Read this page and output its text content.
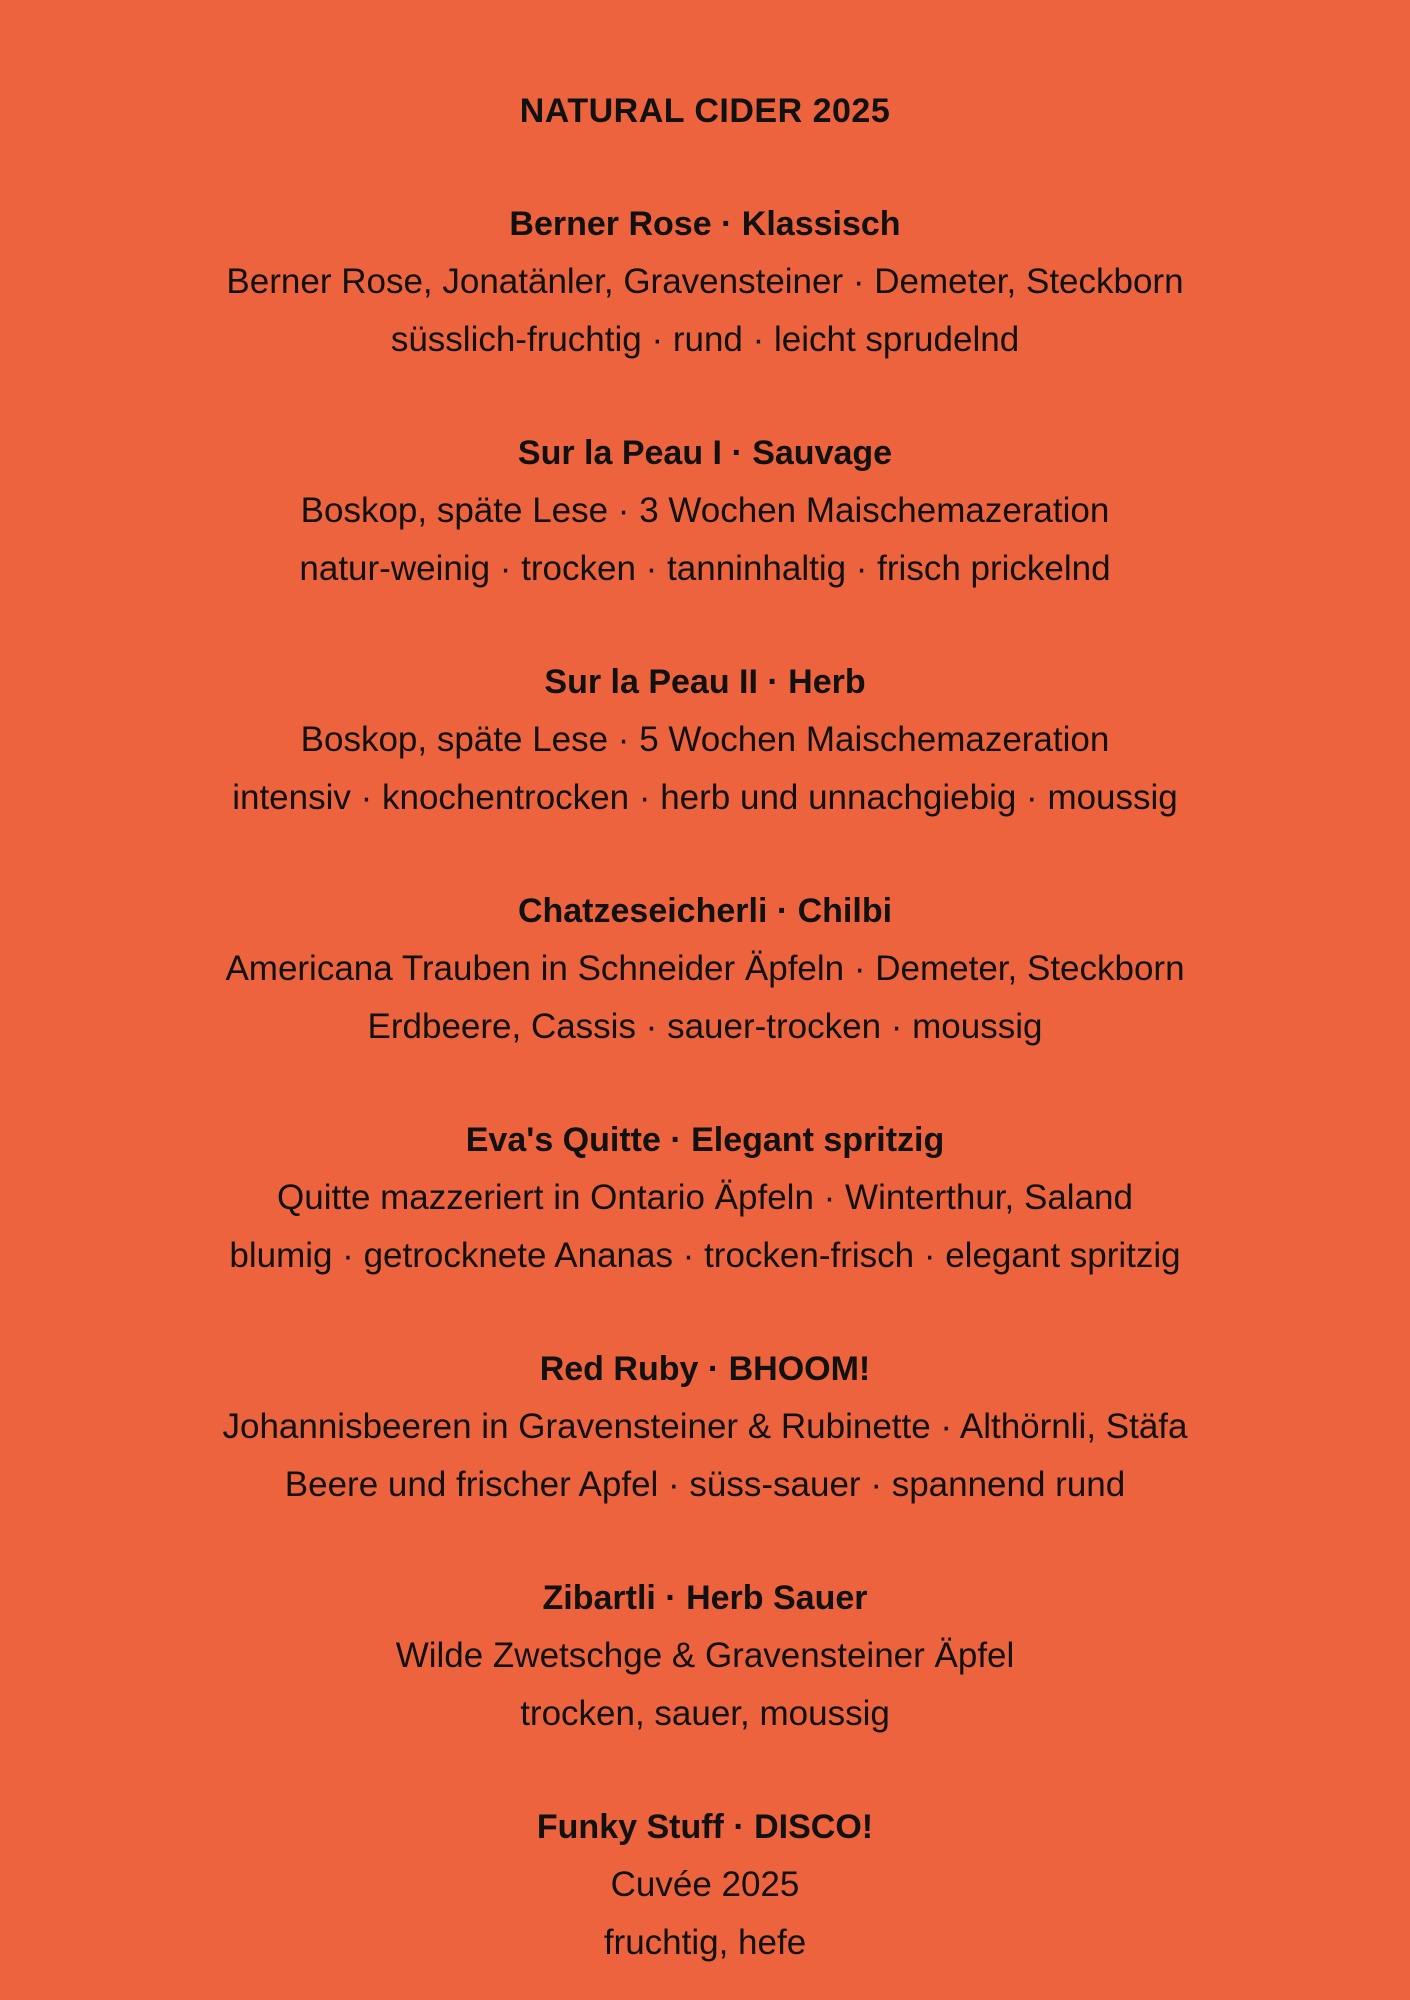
NATURAL CIDER 2025
Berner Rose · Klassisch
Berner Rose, Jonatänler, Gravensteiner · Demeter, Steckborn
süsslich-fruchtig · rund · leicht sprudelnd
Sur la Peau I · Sauvage
Boskop, späte Lese · 3 Wochen Maischemazeration
natur-weinig · trocken · tanninhaltig · frisch prickelnd
Sur la Peau II · Herb
Boskop, späte Lese · 5 Wochen Maischemazeration
intensiv · knochentrocken · herb und unnachgiebig · moussig
Chatzeseicherli · Chilbi
Americana Trauben in Schneider Äpfeln · Demeter, Steckborn
Erdbeere, Cassis · sauer-trocken · moussig
Eva's Quitte · Elegant spritzig
Quitte mazzeriert in Ontario Äpfeln · Winterthur, Saland
blumig · getrocknete Ananas · trocken-frisch · elegant spritzig
Red Ruby · BHOOM!
Johannisbeeren in Gravensteiner & Rubinette · Althörnli, Stäfa
Beere und frischer Apfel · süss-sauer · spannend rund
Zibartli · Herb Sauer
Wilde Zwetschge & Gravensteiner Äpfel
trocken, sauer, moussig
Funky Stuff · DISCO!
Cuvée 2025
fruchtig, hefe
